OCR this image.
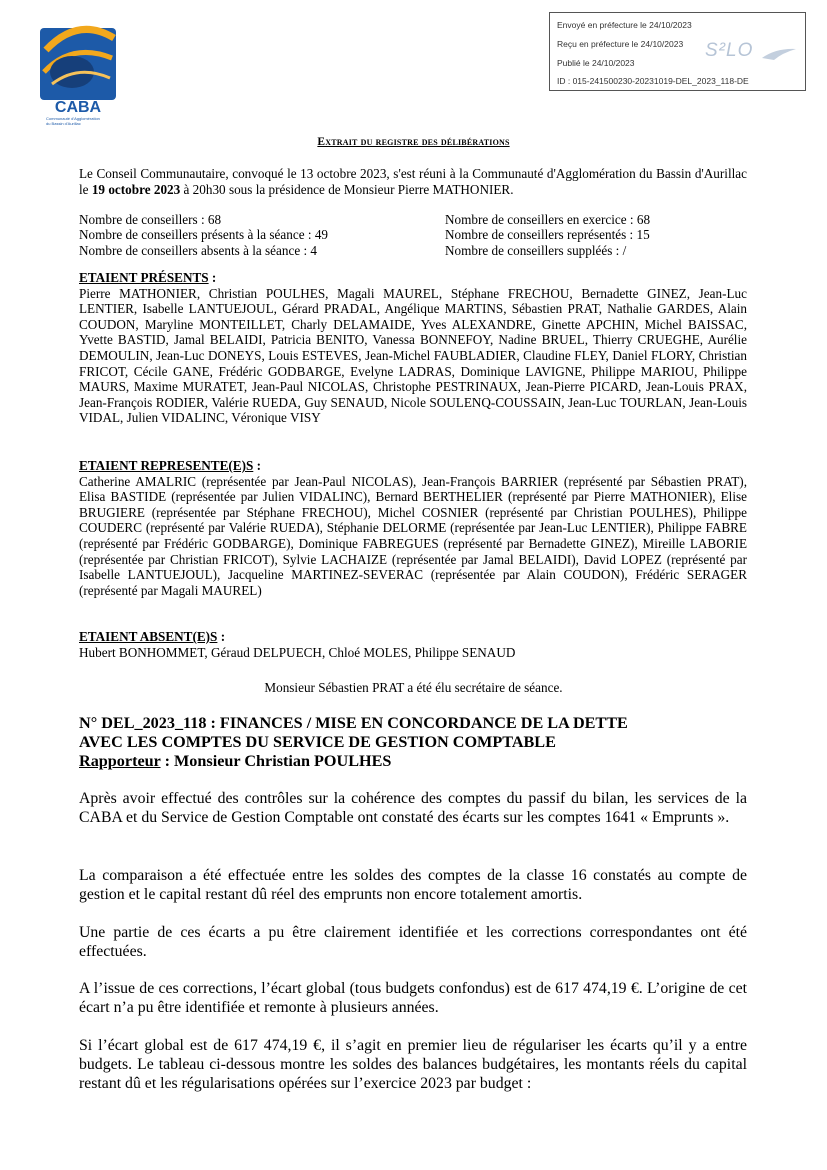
CABA
Communauté d'Agglomération
du Bassin d'Aurillac
Envoyé en préfecture le 24/10/2023
Reçu en préfecture le 24/10/2023
Publié le 24/10/2023
ID : 015-241500230-20231019-DEL_2023_118-DE
S²LO
Extrait du registre des délibérations
Le Conseil Communautaire, convoqué le 13 octobre 2023, s'est réuni à la Communauté d'Agglomération du Bassin d'Aurillac le 19 octobre 2023 à 20h30 sous la présidence de Monsieur Pierre MATHONIER.
Nombre de conseillers : 68	Nombre de conseillers en exercice : 68
Nombre de conseillers présents à la séance : 49	Nombre de conseillers représentés : 15
Nombre de conseillers absents à la séance : 4	Nombre de conseillers suppléés : /
ETAIENT PRÉSENTS :
Pierre MATHONIER, Christian POULHES, Magali MAUREL, Stéphane FRECHOU, Bernadette GINEZ, Jean-Luc LENTIER, Isabelle LANTUEJOUL, Gérard PRADAL, Angélique MARTINS, Sébastien PRAT, Nathalie GARDES, Alain COUDON, Maryline MONTEILLET, Charly DELAMAIDE, Yves ALEXANDRE, Ginette APCHIN, Michel BAISSAC, Yvette BASTID, Jamal BELAIDI, Patricia BENITO, Vanessa BONNEFOY, Nadine BRUEL, Thierry CRUEGHE, Aurélie DEMOULIN, Jean-Luc DONEYS, Louis ESTEVES, Jean-Michel FAUBLADIER, Claudine FLEY, Daniel FLORY, Christian FRICOT, Cécile GANE, Frédéric GODBARGE, Evelyne LADRAS, Dominique LAVIGNE, Philippe MARIOU, Philippe MAURS, Maxime MURATET, Jean-Paul NICOLAS, Christophe PESTRINAUX, Jean-Pierre PICARD, Jean-Louis PRAX, Jean-François RODIER, Valérie RUEDA, Guy SENAUD, Nicole SOULENQ-COUSSAIN, Jean-Luc TOURLAN, Jean-Louis VIDAL, Julien VIDALINC, Véronique VISY
ETAIENT REPRESENTE(E)S :
Catherine AMALRIC (représentée par Jean-Paul NICOLAS), Jean-François BARRIER (représenté par Sébastien PRAT), Elisa BASTIDE (représentée par Julien VIDALINC), Bernard BERTHELIER (représenté par Pierre MATHONIER), Elise BRUGIERE (représentée par Stéphane FRECHOU), Michel COSNIER (représenté par Christian POULHES), Philippe COUDERC (représenté par Valérie RUEDA), Stéphanie DELORME (représentée par Jean-Luc LENTIER), Philippe FABRE (représenté par Frédéric GODBARGE), Dominique FABREGUES (représenté par Bernadette GINEZ), Mireille LABORIE (représentée par Christian FRICOT), Sylvie LACHAIZE (représentée par Jamal BELAIDI), David LOPEZ (représenté par Isabelle LANTUEJOUL), Jacqueline MARTINEZ-SEVERAC (représentée par Alain COUDON), Frédéric SERAGER (représenté par Magali MAUREL)
ETAIENT ABSENT(E)S :
Hubert BONHOMMET, Géraud DELPUECH, Chloé MOLES, Philippe SENAUD
Monsieur Sébastien PRAT a été élu secrétaire de séance.
N° DEL_2023_118 : FINANCES / MISE EN CONCORDANCE DE LA DETTE
AVEC LES COMPTES DU SERVICE DE GESTION COMPTABLE
Rapporteur : Monsieur Christian POULHES
Après avoir effectué des contrôles sur la cohérence des comptes du passif du bilan, les services de la CABA et du Service de Gestion Comptable ont constaté des écarts sur les comptes 1641 « Emprunts ».
La comparaison a été effectuée entre les soldes des comptes de la classe 16 constatés au compte de gestion et le capital restant dû réel des emprunts non encore totalement amortis.
Une partie de ces écarts a pu être clairement identifiée et les corrections correspondantes ont été effectuées.
A l’issue de ces corrections, l’écart global (tous budgets confondus) est de 617 474,19 €. L’origine de cet écart n’a pu être identifiée et remonte à plusieurs années.
Si l’écart global est de 617 474,19 €, il s’agit en premier lieu de régulariser les écarts qu’il y a entre budgets. Le tableau ci-dessous montre les soldes des balances budgétaires, les montants réels du capital restant dû et les régularisations opérées sur l’exercice 2023 par budget :
